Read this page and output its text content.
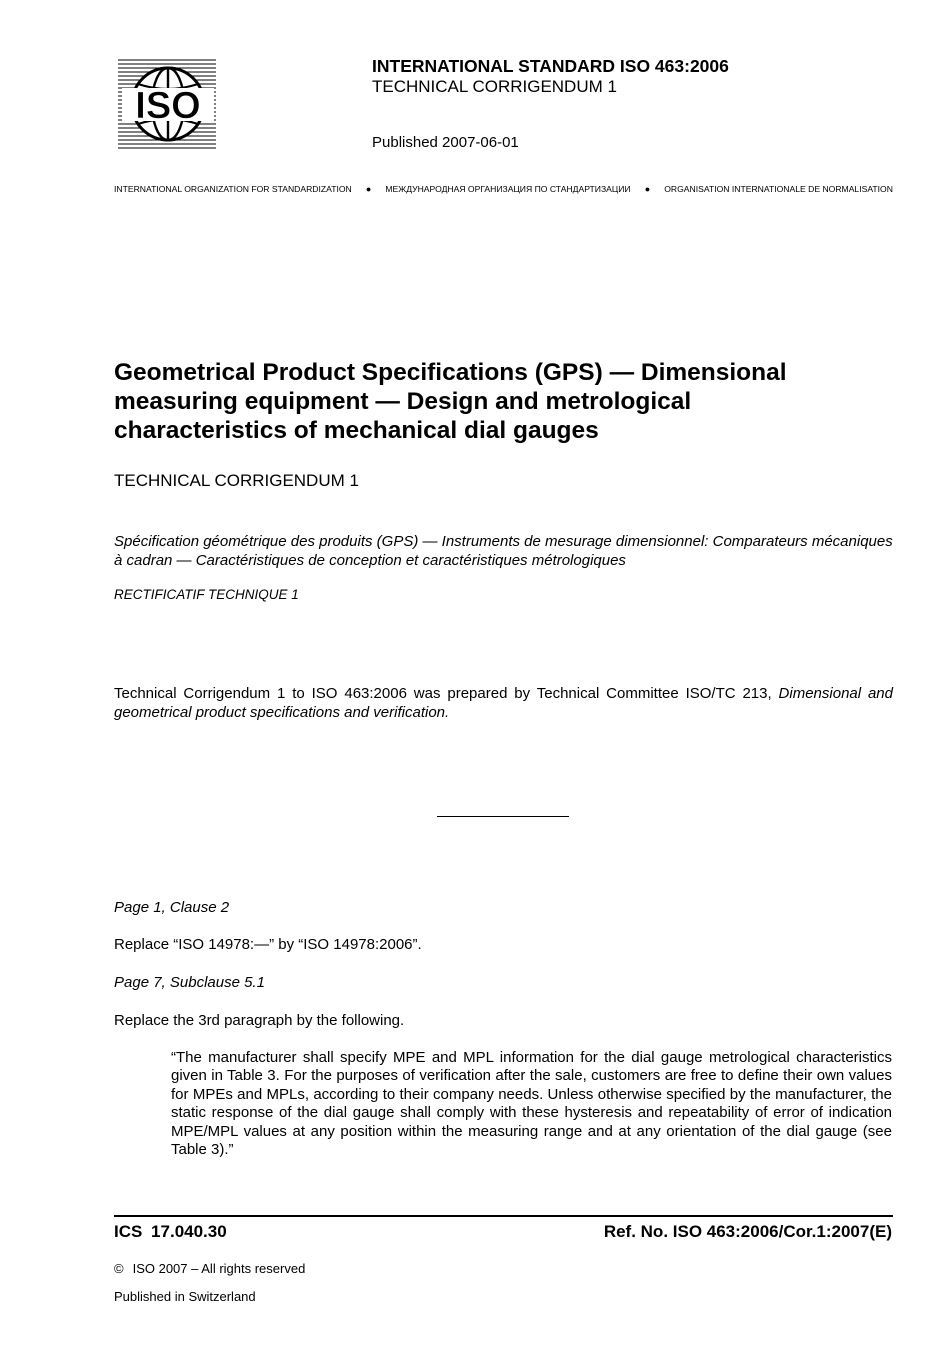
ISO
INTERNATIONAL STANDARD ISO 463:2006
TECHNICAL CORRIGENDUM 1
Published 2007-06-01
INTERNATIONAL ORGANIZATION FOR STANDARDIZATION ● МЕЖДУНАРОДНАЯ ОРГАНИЗАЦИЯ ПО СТАНДАРТИЗАЦИИ ● ORGANISATION INTERNATIONALE DE NORMALISATION
Geometrical Product Specifications (GPS) — Dimensional
measuring equipment — Design and metrological
characteristics of mechanical dial gauges
TECHNICAL CORRIGENDUM 1
Spécification géométrique des produits (GPS) — Instruments de mesurage dimensionnel: Comparateurs mécaniques à cadran — Caractéristiques de conception et caractéristiques métrologiques
RECTIFICATIF TECHNIQUE 1
Technical Corrigendum 1 to ISO 463:2006 was prepared by Technical Committee ISO/TC 213, Dimensional and geometrical product specifications and verification.
Page 1, Clause 2
Replace “ISO 14978:—” by “ISO 14978:2006”.
Page 7, Subclause 5.1
Replace the 3rd paragraph by the following.
“The manufacturer shall specify MPE and MPL information for the dial gauge metrological characteristics given in Table 3. For the purposes of verification after the sale, customers are free to define their own values for MPEs and MPLs, according to their company needs. Unless otherwise specified by the manufacturer, the static response of the dial gauge shall comply with these hysteresis and repeatability of error of indication MPE/MPL values at any position within the measuring range and at any orientation of the dial gauge (see Table 3).”
ICS 17.040.30	Ref. No. ISO 463:2006/Cor.1:2007(E)
© ISO 2007 – All rights reserved
Published in Switzerland
